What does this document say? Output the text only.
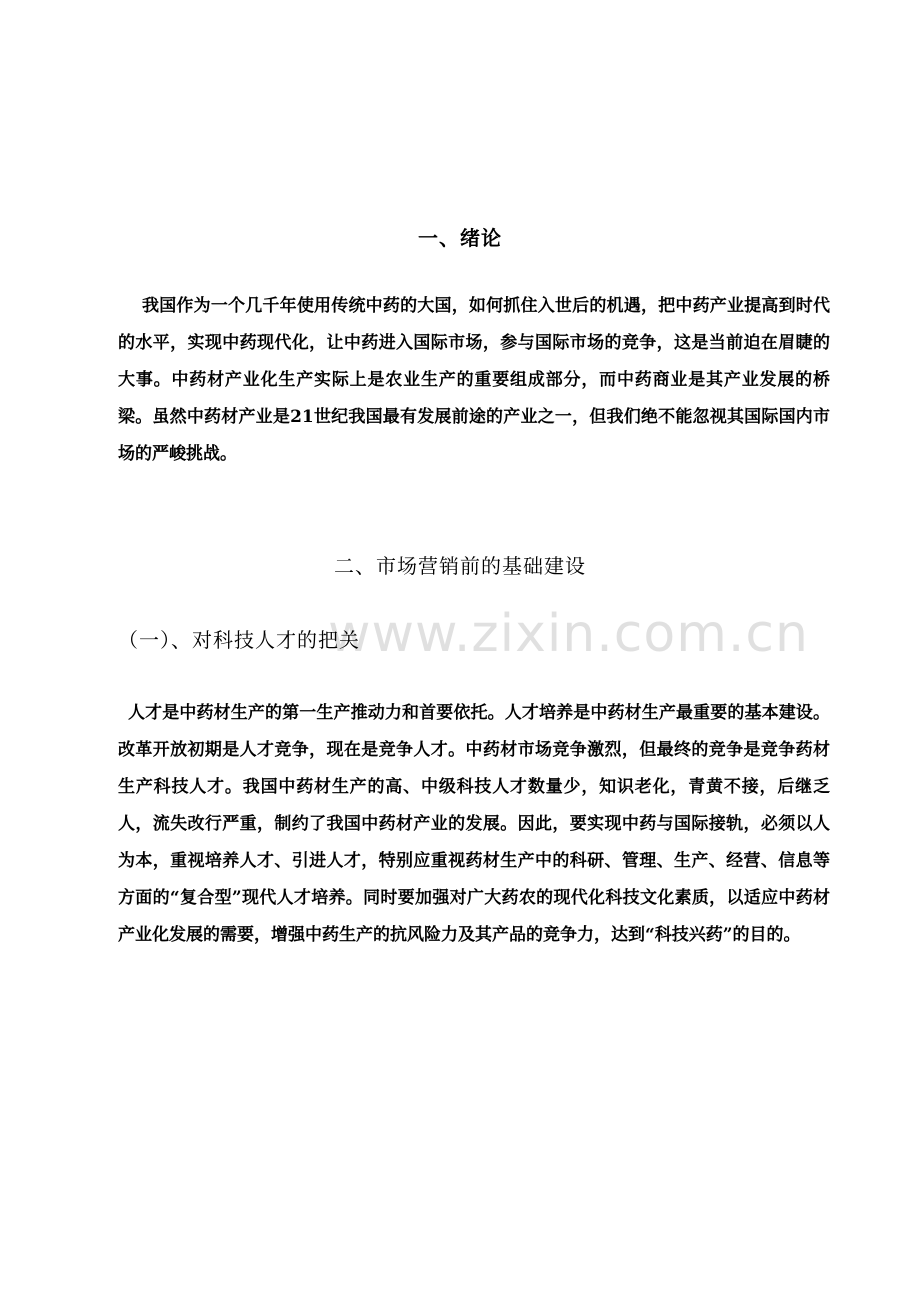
www.zixin.com.cn
一、绪论

我国作为一个几千年使用传统中药的大国，如何抓住入世后的机遇，把中药产业提高到时代的水平，实现中药现代化，让中药进入国际市场，参与国际市场的竞争，这是当前迫在眉睫的大事。中药材产业化生产实际上是农业生产的重要组成部分，而中药商业是其产业发展的桥梁。虽然中药材产业是21世纪我国最有发展前途的产业之一，但我们绝不能忽视其国际国内市场的严峻挑战。

二、市场营销前的基础建设
（一）、对科技人才的把关

人才是中药材生产的第一生产推动力和首要依托。人才培养是中药材生产最重要的基本建设。改革开放初期是人才竞争，现在是竞争人才。中药材市场竞争激烈，但最终的竞争是竞争药材生产科技人才。我国中药材生产的高、中级科技人才数量少，知识老化，青黄不接，后继乏人，流失改行严重，制约了我国中药材产业的发展。因此，要实现中药与国际接轨，必须以人为本，重视培养人才、引进人才，特别应重视药材生产中的科研、管理、生产、经营、信息等方面的“复合型”现代人才培养。同时要加强对广大药农的现代化科技文化素质，以适应中药材产业化发展的需要，增强中药生产的抗风险力及其产品的竞争力，达到“科技兴药”的目的。
